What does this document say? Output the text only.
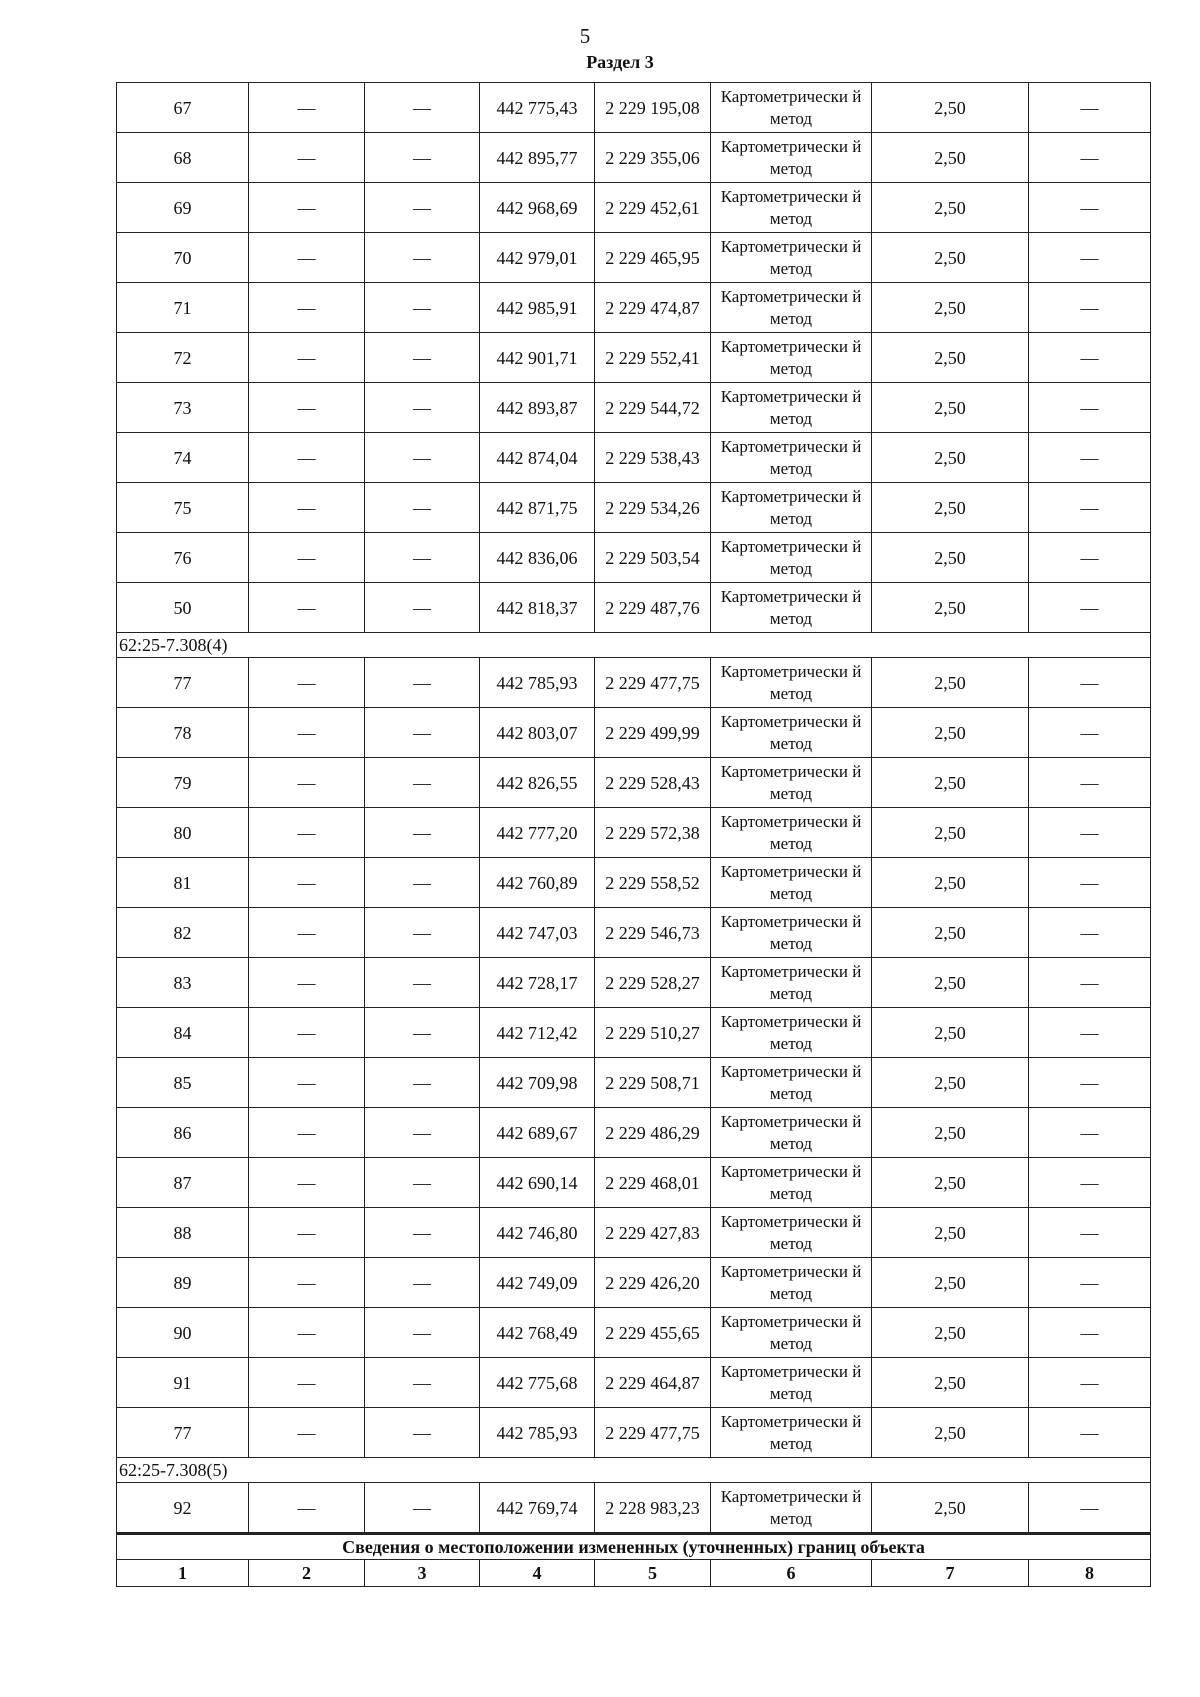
5
Раздел 3
67	—	—	442 775,43	2 229 195,08	Картометрически й метод	2,50	—
68	—	—	442 895,77	2 229 355,06	Картометрически й метод	2,50	—
69	—	—	442 968,69	2 229 452,61	Картометрически й метод	2,50	—
70	—	—	442 979,01	2 229 465,95	Картометрически й метод	2,50	—
71	—	—	442 985,91	2 229 474,87	Картометрически й метод	2,50	—
72	—	—	442 901,71	2 229 552,41	Картометрически й метод	2,50	—
73	—	—	442 893,87	2 229 544,72	Картометрически й метод	2,50	—
74	—	—	442 874,04	2 229 538,43	Картометрически й метод	2,50	—
75	—	—	442 871,75	2 229 534,26	Картометрически й метод	2,50	—
76	—	—	442 836,06	2 229 503,54	Картометрически й метод	2,50	—
50	—	—	442 818,37	2 229 487,76	Картометрически й метод	2,50	—
62:25-7.308(4)							
77	—	—	442 785,93	2 229 477,75	Картометрически й метод	2,50	—
78	—	—	442 803,07	2 229 499,99	Картометрически й метод	2,50	—
79	—	—	442 826,55	2 229 528,43	Картометрически й метод	2,50	—
80	—	—	442 777,20	2 229 572,38	Картометрически й метод	2,50	—
81	—	—	442 760,89	2 229 558,52	Картометрически й метод	2,50	—
82	—	—	442 747,03	2 229 546,73	Картометрически й метод	2,50	—
83	—	—	442 728,17	2 229 528,27	Картометрически й метод	2,50	—
84	—	—	442 712,42	2 229 510,27	Картометрически й метод	2,50	—
85	—	—	442 709,98	2 229 508,71	Картометрически й метод	2,50	—
86	—	—	442 689,67	2 229 486,29	Картометрически й метод	2,50	—
87	—	—	442 690,14	2 229 468,01	Картометрически й метод	2,50	—
88	—	—	442 746,80	2 229 427,83	Картометрически й метод	2,50	—
89	—	—	442 749,09	2 229 426,20	Картометрически й метод	2,50	—
90	—	—	442 768,49	2 229 455,65	Картометрически й метод	2,50	—
91	—	—	442 775,68	2 229 464,87	Картометрически й метод	2,50	—
77	—	—	442 785,93	2 229 477,75	Картометрически й метод	2,50	—
62:25-7.308(5)							
92	—	—	442 769,74	2 228 983,23	Картометрически й метод	2,50	—
Сведения о местоположении измененных (уточненных) границ объекта							
1	2	3	4	5	6	7	8
